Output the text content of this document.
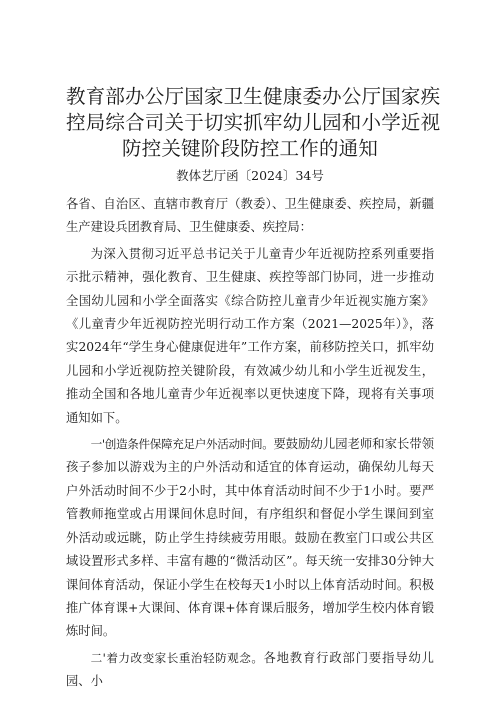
教育部办公厅国家卫生健康委办公厅国家疾
控局综合司关于切实抓牢幼儿园和小学近视
防控关键阶段防控工作的通知
教体艺厅函〔2024〕34号

各省、自治区、直辖市教育厅（教委）、卫生健康委、疾控局，新疆生产建设兵团教育局、卫生健康委、疾控局：

为深入贯彻习近平总书记关于儿童青少年近视防控系列重要指示批示精神，强化教育、卫生健康、疾控等部门协同，进一步推动全国幼儿园和小学全面落实《综合防控儿童青少年近视实施方案》《儿童青少年近视防控光明行动工作方案（2021—2025年）》，落实2024年“学生身心健康促进年”工作方案，前移防控关口，抓牢幼儿园和小学近视防控关键阶段，有效减少幼儿和小学生近视发生，推动全国和各地儿童青少年近视率以更快速度下降，现将有关事项通知如下。

一'创造条件保障充足户外活动时间。要鼓励幼儿园老师和家长带领孩子参加以游戏为主的户外活动和适宜的体育运动，确保幼儿每天户外活动时间不少于2小时，其中体育活动时间不少于1小时。要严管教师拖堂或占用课间休息时间，有序组织和督促小学生课间到室外活动或远眺，防止学生持续疲劳用眼。鼓励在教室门口或公共区域设置形式多样、丰富有趣的“微活动区”。每天统一安排30分钟大课间体育活动，保证小学生在校每天1小时以上体育活动时间。积极推广体育课+大课间、体育课+体育课后服务，增加学生校内体育锻炼时间。

二'着力改变家长重治轻防观念。各地教育行政部门要指导幼儿园、小
